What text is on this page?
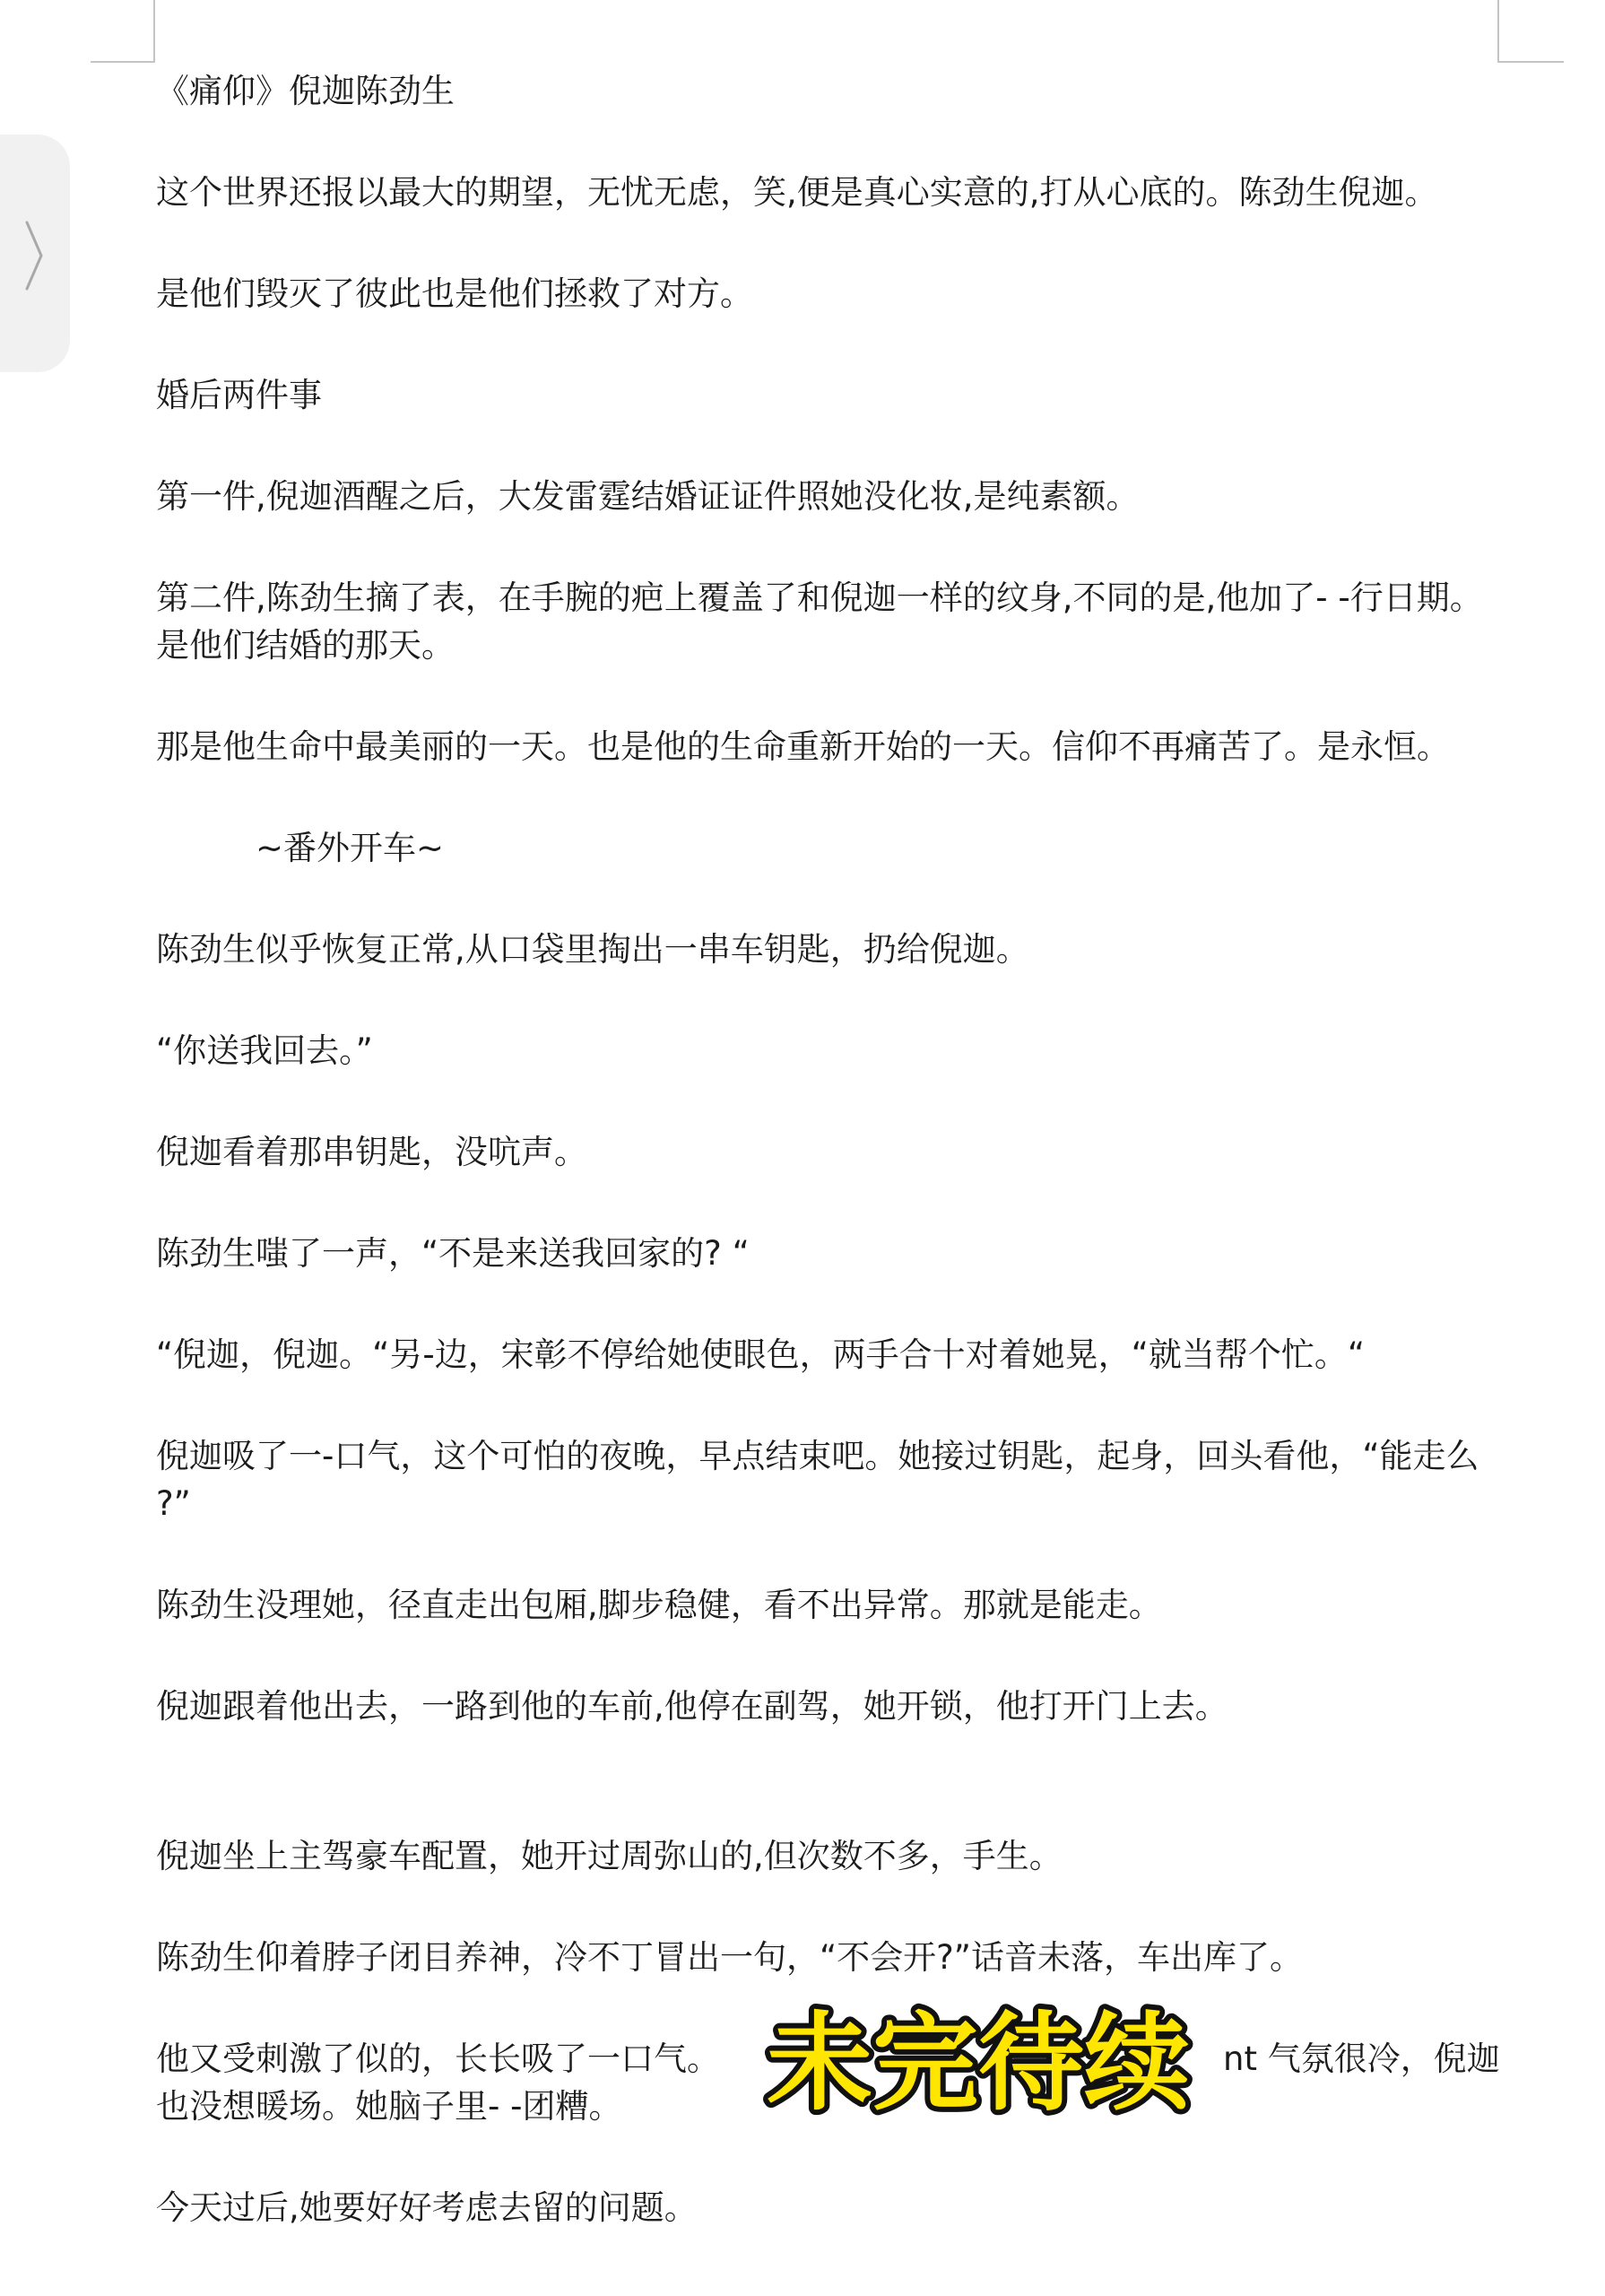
《痛仰》倪迦陈劲生
这个世界还报以最大的期望，无忧无虑，笑,便是真心实意的,打从心底的。陈劲生倪迦。
是他们毁灭了彼此也是他们拯救了对方。
婚后两件事
第一件,倪迦酒醒之后，大发雷霆结婚证证件照她没化妆,是纯素额。
第二件,陈劲生摘了表，在手腕的疤上覆盖了和倪迦一样的纹身,不同的是,他加了- -行日期。
是他们结婚的那天。
那是他生命中最美丽的一天。也是他的生命重新开始的一天。信仰不再痛苦了。是永恒。
~番外开车~
陈劲生似乎恢复正常,从口袋里掏出一串车钥匙，扔给倪迦。
“你送我回去。”
倪迦看着那串钥匙，没吭声。
陈劲生嗤了一声，“不是来送我回家的? “
“倪迦，倪迦。“另-边，宋彰不停给她使眼色，两手合十对着她晃，“就当帮个忙。“
倪迦吸了一-口气，这个可怕的夜晚，早点结束吧。她接过钥匙，起身，回头看他，“能走么
?”
陈劲生没理她，径直走出包厢,脚步稳健，看不出异常。那就是能走。
倪迦跟着他出去，一路到他的车前,他停在副驾，她开锁，他打开门上去。
倪迦坐上主驾豪车配置，她开过周弥山的,但次数不多，手生。
陈劲生仰着脖子闭目养神，冷不丁冒出一句，“不会开?”话音未落，车出库了。
他又受刺激了似的，长长吸了一口气。	nt 气氛很冷，倪迦
也没想暖场。她脑子里- -团糟。
今天过后,她要好好考虑去留的问题。
未完待续
